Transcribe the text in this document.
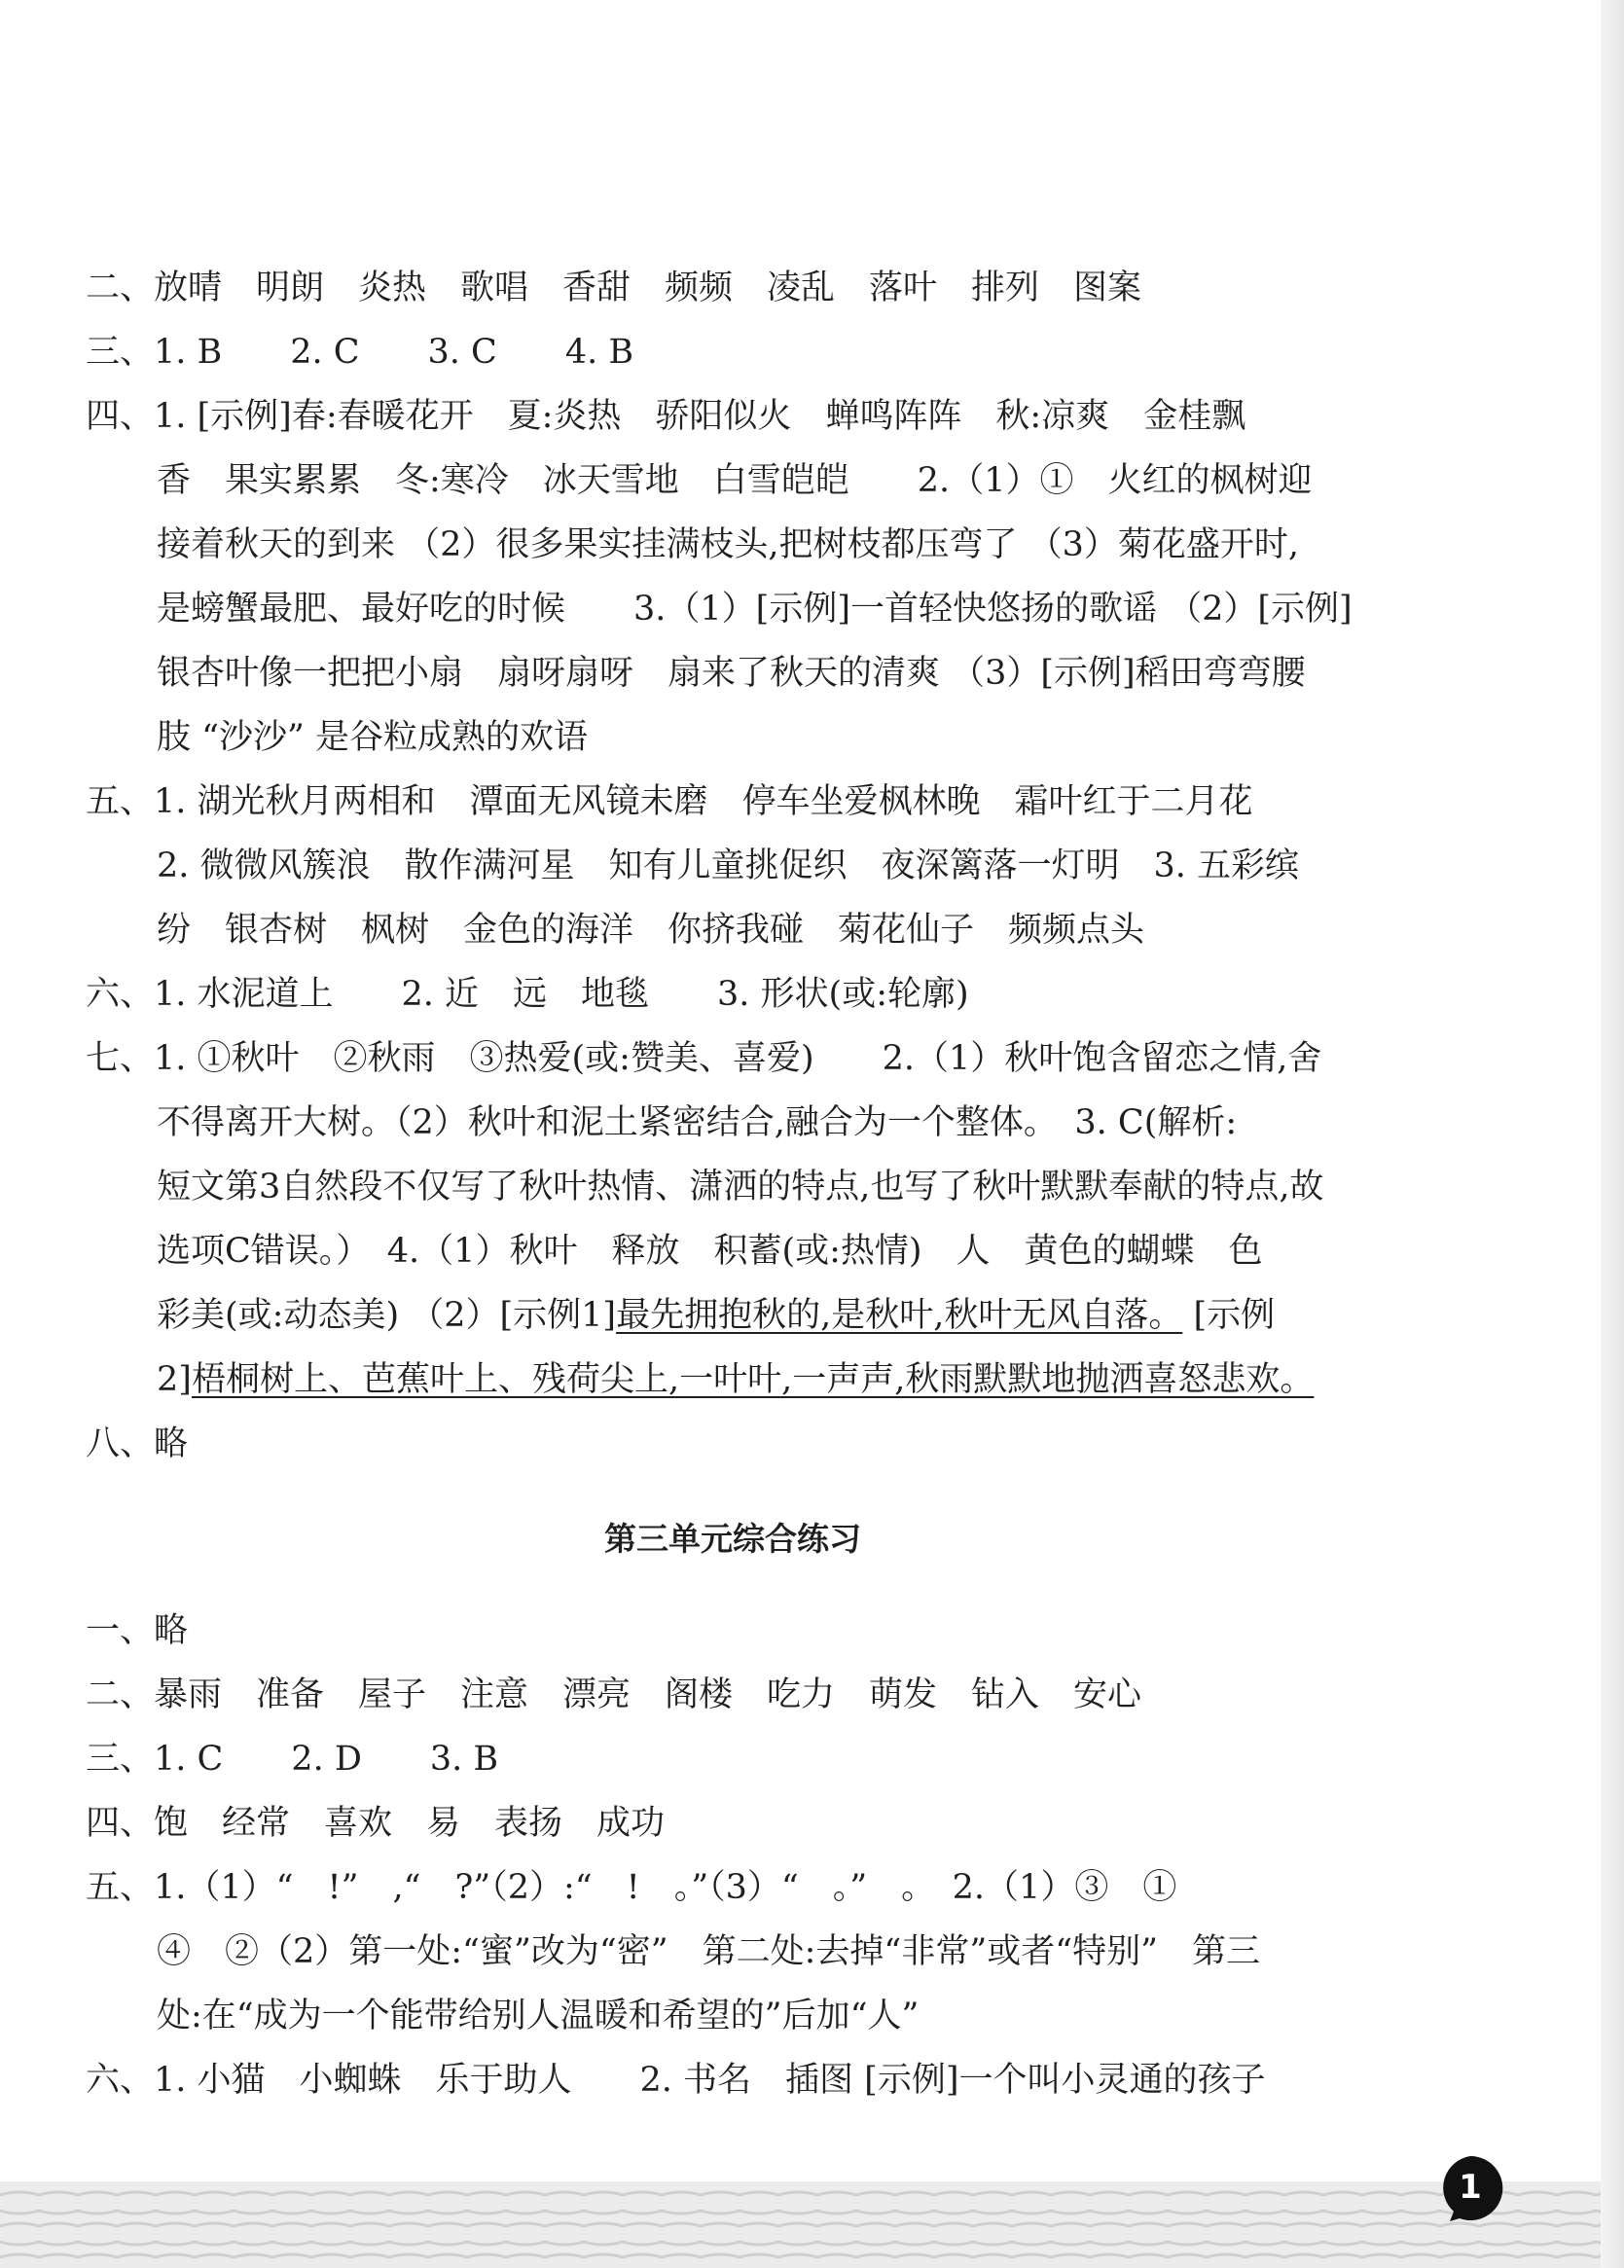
二、放晴　明朗　炎热　歌唱　香甜　频频　凌乱　落叶　排列　图案
三、1. B　　2. C　　3. C　　4. B
四、1. [示例]春:春暖花开　夏:炎热　骄阳似火　蝉鸣阵阵　秋:凉爽　金桂飘
香　果实累累　冬:寒冷　冰天雪地　白雪皑皑　　2.（1）①　火红的枫树迎
接着秋天的到来 （2）很多果实挂满枝头,把树枝都压弯了 （3）菊花盛开时,
是螃蟹最肥、最好吃的时候　　3.（1）[示例]一首轻快悠扬的歌谣 （2）[示例]
银杏叶像一把把小扇　扇呀扇呀　扇来了秋天的清爽 （3）[示例]稻田弯弯腰
肢 “沙沙” 是谷粒成熟的欢语
五、1. 湖光秋月两相和　潭面无风镜未磨　停车坐爱枫林晚　霜叶红于二月花
2. 微微风簇浪　散作满河星　知有儿童挑促织　夜深篱落一灯明　3. 五彩缤
纷　银杏树　枫树　金色的海洋　你挤我碰　菊花仙子　频频点头
六、1. 水泥道上　　2. 近　远　地毯　　3. 形状(或:轮廓)
七、1. ①秋叶　②秋雨　③热爱(或:赞美、喜爱)　　2.（1）秋叶饱含留恋之情,舍
不得离开大树。（2）秋叶和泥土紧密结合,融合为一个整体。　3. C(解析:
短文第3自然段不仅写了秋叶热情、潇洒的特点,也写了秋叶默默奉献的特点,故
选项C错误。）　4.（1）秋叶　释放　积蓄(或:热情)　人　黄色的蝴蝶　色
彩美(或:动态美) （2）[示例1]最先拥抱秋的,是秋叶,秋叶无风自落。 [示例
2]梧桐树上、芭蕉叶上、残荷尖上,一叶叶,一声声,秋雨默默地抛洒喜怒悲欢。
八、略
第三单元综合练习
一、略
二、暴雨　准备　屋子　注意　漂亮　阁楼　吃力　萌发　钻入　安心
三、1. C　　2. D　　3. B
四、饱　经常　喜欢　易　表扬　成功
五、1.（1）“　!”　,“　?”（2）:“　!　。”（3）“　。”　。　2.（1）③　①
④　②（2）第一处:“蜜”改为“密”　第二处:去掉“非常”或者“特别”　第三
处:在“成为一个能带给别人温暖和希望的”后加“人”
六、1. 小猫　小蜘蛛　乐于助人　　2. 书名　插图 [示例]一个叫小灵通的孩子
1
